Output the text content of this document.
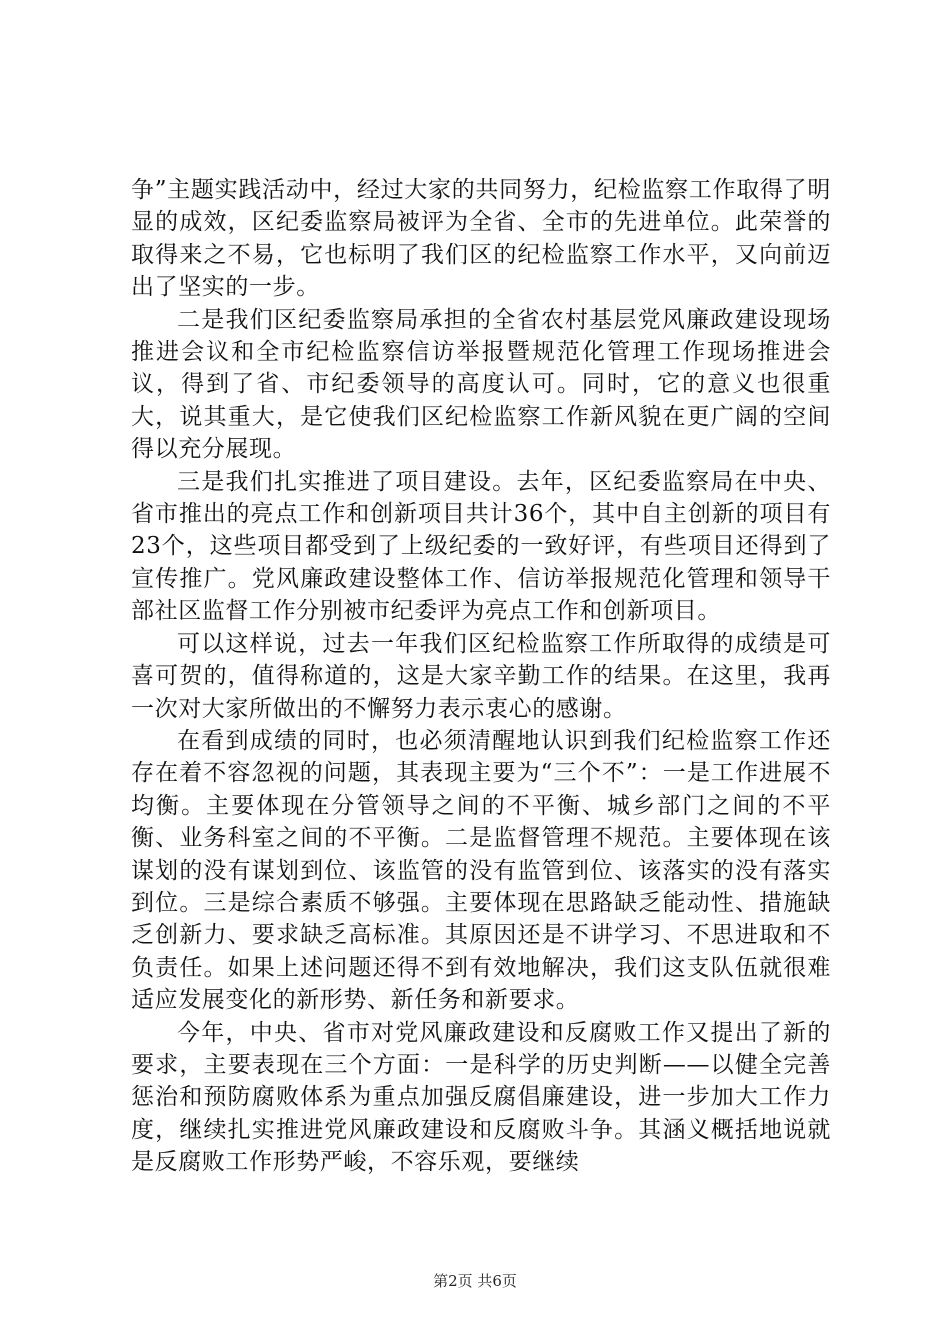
争”主题实践活动中，经过大家的共同努力，纪检监察工作取得了明显的成效，区纪委监察局被评为全省、全市的先进单位。此荣誉的取得来之不易，它也标明了我们区的纪检监察工作水平，又向前迈出了坚实的一步。

二是我们区纪委监察局承担的全省农村基层党风廉政建设现场推进会议和全市纪检监察信访举报暨规范化管理工作现场推进会议，得到了省、市纪委领导的高度认可。同时，它的意义也很重大，说其重大，是它使我们区纪检监察工作新风貌在更广阔的空间得以充分展现。

三是我们扎实推进了项目建设。去年，区纪委监察局在中央、省市推出的亮点工作和创新项目共计36个，其中自主创新的项目有23个，这些项目都受到了上级纪委的一致好评，有些项目还得到了宣传推广。党风廉政建设整体工作、信访举报规范化管理和领导干部社区监督工作分别被市纪委评为亮点工作和创新项目。

可以这样说，过去一年我们区纪检监察工作所取得的成绩是可喜可贺的，值得称道的，这是大家辛勤工作的结果。在这里，我再一次对大家所做出的不懈努力表示衷心的感谢。

在看到成绩的同时，也必须清醒地认识到我们纪检监察工作还存在着不容忽视的问题，其表现主要为“三个不”：一是工作进展不均衡。主要体现在分管领导之间的不平衡、城乡部门之间的不平衡、业务科室之间的不平衡。二是监督管理不规范。主要体现在该谋划的没有谋划到位、该监管的没有监管到位、该落实的没有落实到位。三是综合素质不够强。主要体现在思路缺乏能动性、措施缺乏创新力、要求缺乏高标准。其原因还是不讲学习、不思进取和不负责任。如果上述问题还得不到有效地解决，我们这支队伍就很难适应发展变化的新形势、新任务和新要求。

今年，中央、省市对党风廉政建设和反腐败工作又提出了新的要求，主要表现在三个方面：一是科学的历史判断——以健全完善惩治和预防腐败体系为重点加强反腐倡廉建设，进一步加大工作力度，继续扎实推进党风廉政建设和反腐败斗争。其涵义概括地说就是反腐败工作形势严峻，不容乐观，要继续

第2页 共6页
